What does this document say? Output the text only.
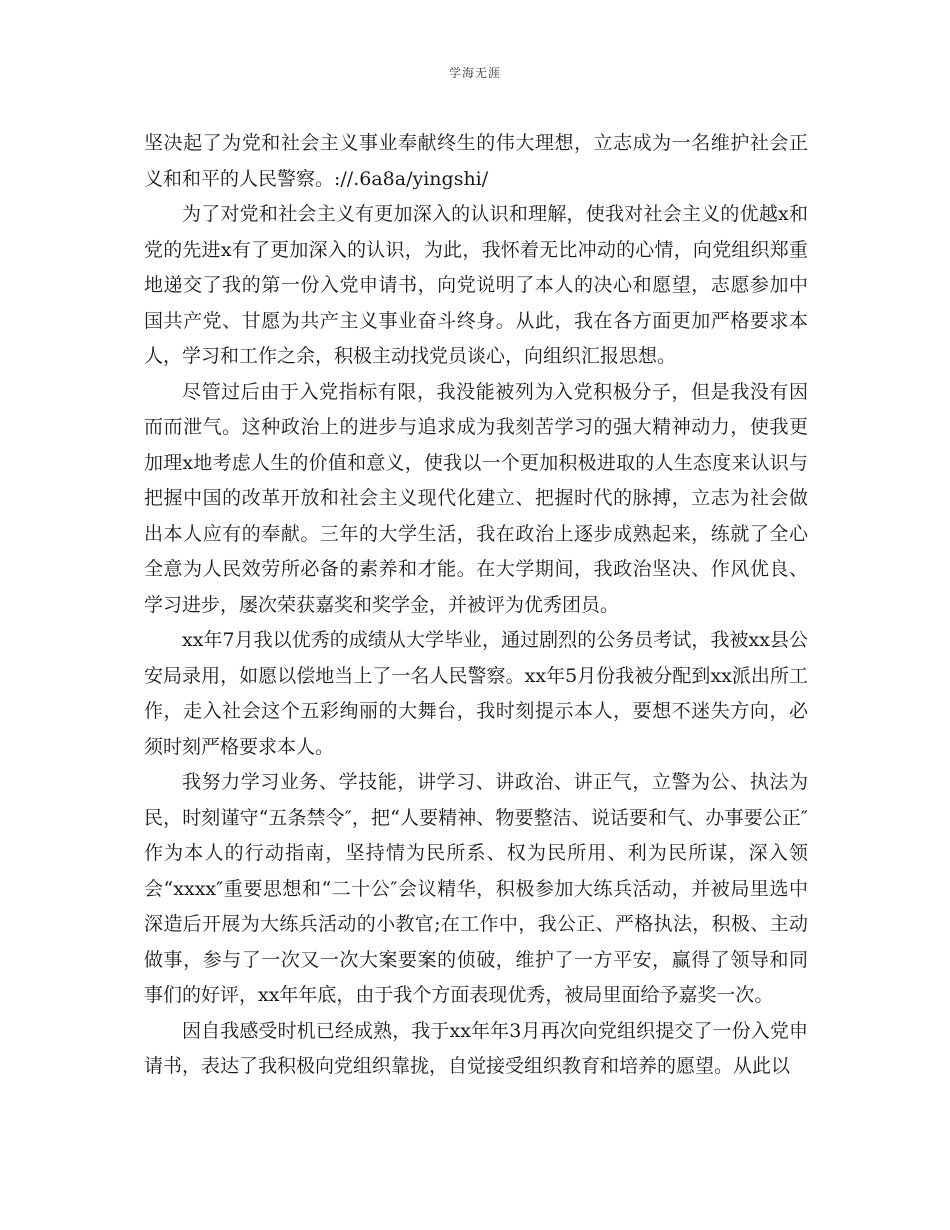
学海无涯

坚决起了为党和社会主义事业奉献终生的伟大理想，立志成为一名维护社会正义和和平的人民警察。://.6a8a/yingshi/

为了对党和社会主义有更加深入的认识和理解，使我对社会主义的优越x和党的先进x有了更加深入的认识，为此，我怀着无比冲动的心情，向党组织郑重地递交了我的第一份入党申请书，向党说明了本人的决心和愿望，志愿参加中国共产党、甘愿为共产主义事业奋斗终身。从此，我在各方面更加严格要求本人，学习和工作之余，积极主动找党员谈心，向组织汇报思想。

尽管过后由于入党指标有限，我没能被列为入党积极分子，但是我没有因而而泄气。这种政治上的进步与追求成为我刻苦学习的强大精神动力，使我更加理x地考虑人生的价值和意义，使我以一个更加积极进取的人生态度来认识与把握中国的改革开放和社会主义现代化建立、把握时代的脉搏，立志为社会做出本人应有的奉献。三年的大学生活，我在政治上逐步成熟起来，练就了全心全意为人民效劳所必备的素养和才能。在大学期间，我政治坚决、作风优良、学习进步，屡次荣获嘉奖和奖学金，并被评为优秀团员。

xx年7月我以优秀的成绩从大学毕业，通过剧烈的公务员考试，我被xx县公安局录用，如愿以偿地当上了一名人民警察。xx年5月份我被分配到xx派出所工作，走入社会这个五彩绚丽的大舞台，我时刻提示本人，要想不迷失方向，必须时刻严格要求本人。

我努力学习业务、学技能，讲学习、讲政治、讲正气，立警为公、执法为民，时刻谨守“五条禁令″，把“人要精神、物要整洁、说话要和气、办事要公正″作为本人的行动指南，坚持情为民所系、权为民所用、利为民所谋，深入领会“xxxx″重要思想和“二十公″会议精华，积极参加大练兵活动，并被局里选中深造后开展为大练兵活动的小教官;在工作中，我公正、严格执法，积极、主动做事，参与了一次又一次大案要案的侦破，维护了一方平安，赢得了领导和同事们的好评，xx年年底，由于我个方面表现优秀，被局里面给予嘉奖一次。

因自我感受时机已经成熟，我于xx年年3月再次向党组织提交了一份入党申请书，表达了我积极向党组织靠拢，自觉接受组织教育和培养的愿望。从此以
